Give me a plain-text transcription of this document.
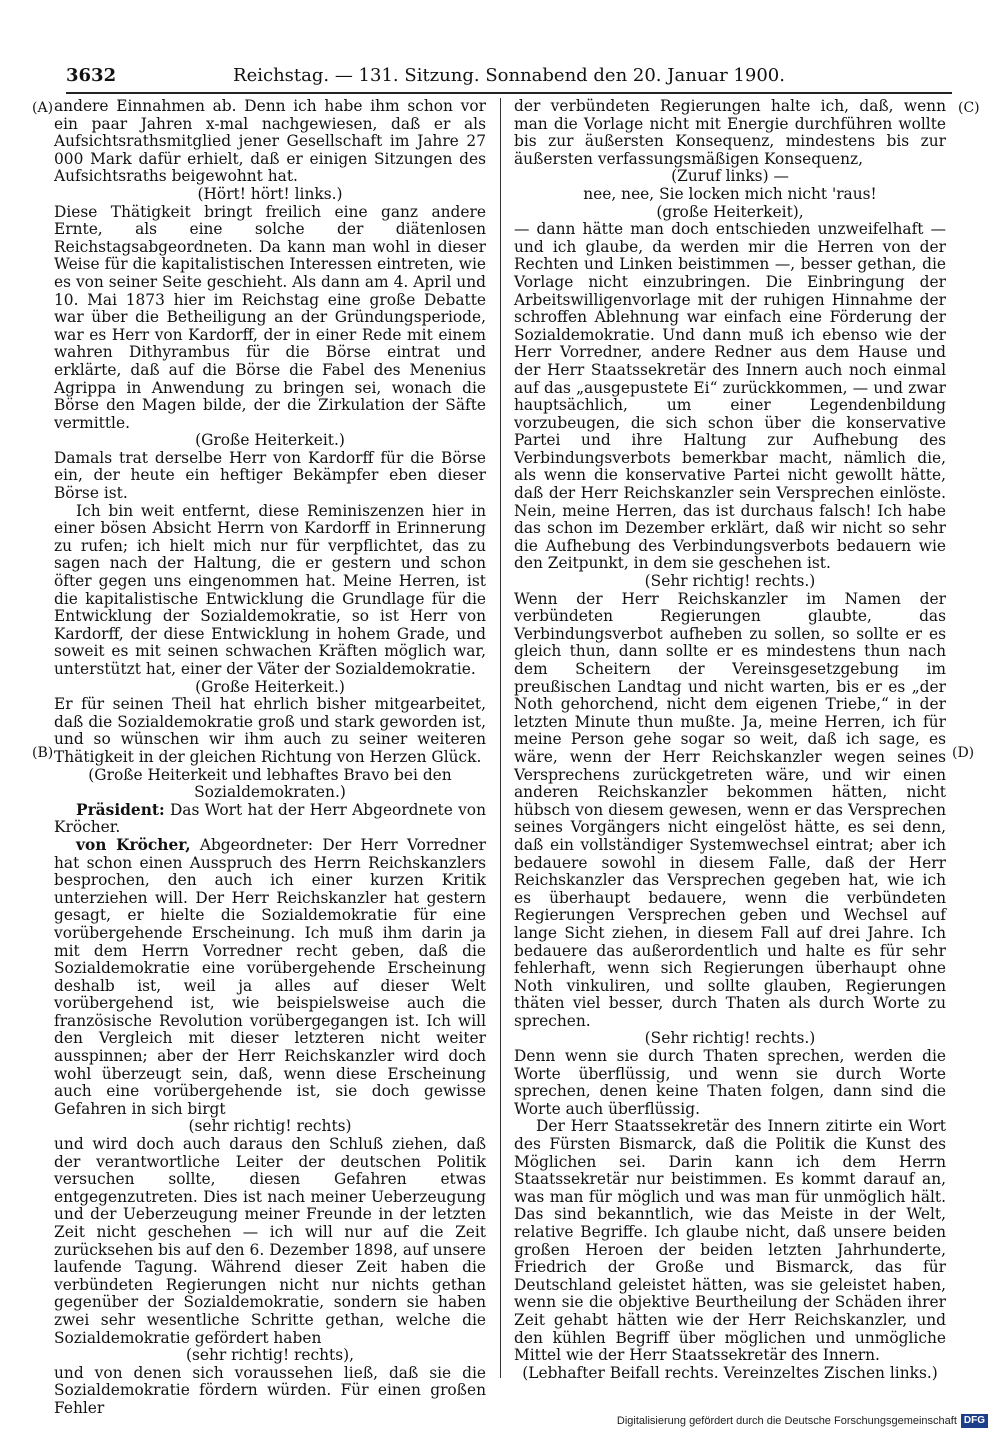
3632	Reichstag. — 131. Sitzung. Sonnabend den 20. Januar 1900.
(A)
(B)
(C)
(D)

andere Einnahmen ab. Denn ich habe ihm schon vor ein paar Jahren x-mal nachgewiesen, daß er als Aufsichtsrathsmitglied jener Gesellschaft im Jahre 27 000 Mark dafür erhielt, daß er einigen Sitzungen des Aufsichtsraths beigewohnt hat.

(Hört! hört! links.)

Diese Thätigkeit bringt freilich eine ganz andere Ernte, als eine solche der diätenlosen Reichstagsabgeordneten. Da kann man wohl in dieser Weise für die kapitalistischen Interessen eintreten, wie es von seiner Seite geschieht. Als dann am 4. April und 10. Mai 1873 hier im Reichstag eine große Debatte war über die Betheiligung an der Gründungsperiode, war es Herr von Kardorff, der in einer Rede mit einem wahren Dithyrambus für die Börse eintrat und erklärte, daß auf die Börse die Fabel des Menenius Agrippa in Anwendung zu bringen sei, wonach die Börse den Magen bilde, der die Zirkulation der Säfte vermittle.

(Große Heiterkeit.)

Damals trat derselbe Herr von Kardorff für die Börse ein, der heute ein heftiger Bekämpfer eben dieser Börse ist.

Ich bin weit entfernt, diese Reminiszenzen hier in einer bösen Absicht Herrn von Kardorff in Erinnerung zu rufen; ich hielt mich nur für verpflichtet, das zu sagen nach der Haltung, die er gestern und schon öfter gegen uns eingenommen hat. Meine Herren, ist die kapitalistische Entwicklung die Grundlage für die Entwicklung der Sozialdemokratie, so ist Herr von Kardorff, der diese Entwicklung in hohem Grade, und soweit es mit seinen schwachen Kräften möglich war, unterstützt hat, einer der Väter der Sozialdemokratie.

(Große Heiterkeit.)

Er für seinen Theil hat ehrlich bisher mitgearbeitet, daß die Sozialdemokratie groß und stark geworden ist, und so wünschen wir ihm auch zu seiner weiteren Thätigkeit in der gleichen Richtung von Herzen Glück.

(Große Heiterkeit und lebhaftes Bravo bei den Sozialdemokraten.)

Präsident: Das Wort hat der Herr Abgeordnete von Kröcher.

von Kröcher, Abgeordneter: Der Herr Vorredner hat schon einen Ausspruch des Herrn Reichskanzlers besprochen, den auch ich einer kurzen Kritik unterziehen will. Der Herr Reichskanzler hat gestern gesagt, er hielte die Sozialdemokratie für eine vorübergehende Erscheinung. Ich muß ihm darin ja mit dem Herrn Vorredner recht geben, daß die Sozialdemokratie eine vorübergehende Erscheinung deshalb ist, weil ja alles auf dieser Welt vorübergehend ist, wie beispielsweise auch die französische Revolution vorübergegangen ist. Ich will den Vergleich mit dieser letzteren nicht weiter ausspinnen; aber der Herr Reichskanzler wird doch wohl überzeugt sein, daß, wenn diese Erscheinung auch eine vorübergehende ist, sie doch gewisse Gefahren in sich birgt

(sehr richtig! rechts)

und wird doch auch daraus den Schluß ziehen, daß der verantwortliche Leiter der deutschen Politik versuchen sollte, diesen Gefahren etwas entgegenzutreten. Dies ist nach meiner Ueberzeugung und der Ueberzeugung meiner Freunde in der letzten Zeit nicht geschehen — ich will nur auf die Zeit zurücksehen bis auf den 6. Dezember 1898, auf unsere laufende Tagung. Während dieser Zeit haben die verbündeten Regierungen nicht nur nichts gethan gegenüber der Sozialdemokratie, sondern sie haben zwei sehr wesentliche Schritte gethan, welche die Sozialdemokratie gefördert haben

(sehr richtig! rechts),

und von denen sich voraussehen ließ, daß sie die Sozialdemokratie fördern würden. Für einen großen Fehler

der verbündeten Regierungen halte ich, daß, wenn man die Vorlage nicht mit Energie durchführen wollte bis zur äußersten Konsequenz, mindestens bis zur äußersten verfassungsmäßigen Konsequenz,

(Zuruf links) —

nee, nee, Sie locken mich nicht 'raus!

(große Heiterkeit),

— dann hätte man doch entschieden unzweifelhaft — und ich glaube, da werden mir die Herren von der Rechten und Linken beistimmen —, besser gethan, die Vorlage nicht einzubringen. Die Einbringung der Arbeitswilligenvorlage mit der ruhigen Hinnahme der schroffen Ablehnung war einfach eine Förderung der Sozialdemokratie. Und dann muß ich ebenso wie der Herr Vorredner, andere Redner aus dem Hause und der Herr Staatssekretär des Innern auch noch einmal auf das „ausgepustete Ei“ zurückkommen, — und zwar hauptsächlich, um einer Legendenbildung vorzubeugen, die sich schon über die konservative Partei und ihre Haltung zur Aufhebung des Verbindungsverbots bemerkbar macht, nämlich die, als wenn die konservative Partei nicht gewollt hätte, daß der Herr Reichskanzler sein Versprechen einlöste. Nein, meine Herren, das ist durchaus falsch! Ich habe das schon im Dezember erklärt, daß wir nicht so sehr die Aufhebung des Verbindungsverbots bedauern wie den Zeitpunkt, in dem sie geschehen ist.

(Sehr richtig! rechts.)

Wenn der Herr Reichskanzler im Namen der verbündeten Regierungen glaubte, das Verbindungsverbot aufheben zu sollen, so sollte er es gleich thun, dann sollte er es mindestens thun nach dem Scheitern der Vereinsgesetzgebung im preußischen Landtag und nicht warten, bis er es „der Noth gehorchend, nicht dem eigenen Triebe,“ in der letzten Minute thun mußte. Ja, meine Herren, ich für meine Person gehe sogar so weit, daß ich sage, es wäre, wenn der Herr Reichskanzler wegen seines Versprechens zurückgetreten wäre, und wir einen anderen Reichskanzler bekommen hätten, nicht hübsch von diesem gewesen, wenn er das Versprechen seines Vorgängers nicht eingelöst hätte, es sei denn, daß ein vollständiger Systemwechsel eintrat; aber ich bedauere sowohl in diesem Falle, daß der Herr Reichskanzler das Versprechen gegeben hat, wie ich es überhaupt bedauere, wenn die verbündeten Regierungen Versprechen geben und Wechsel auf lange Sicht ziehen, in diesem Fall auf drei Jahre. Ich bedauere das außerordentlich und halte es für sehr fehlerhaft, wenn sich Regierungen überhaupt ohne Noth vinkuliren, und sollte glauben, Regierungen thäten viel besser, durch Thaten als durch Worte zu sprechen.

(Sehr richtig! rechts.)

Denn wenn sie durch Thaten sprechen, werden die Worte überflüssig, und wenn sie durch Worte sprechen, denen keine Thaten folgen, dann sind die Worte auch überflüssig.

Der Herr Staatssekretär des Innern zitirte ein Wort des Fürsten Bismarck, daß die Politik die Kunst des Möglichen sei. Darin kann ich dem Herrn Staatssekretär nur beistimmen. Es kommt darauf an, was man für möglich und was man für unmöglich hält. Das sind bekanntlich, wie das Meiste in der Welt, relative Begriffe. Ich glaube nicht, daß unsere beiden großen Heroen der beiden letzten Jahrhunderte, Friedrich der Große und Bismarck, das für Deutschland geleistet hätten, was sie geleistet haben, wenn sie die objektive Beurtheilung der Schäden ihrer Zeit gehabt hätten wie der Herr Reichskanzler, und den kühlen Begriff über möglichen und unmögliche Mittel wie der Herr Staatssekretär des Innern.

(Lebhafter Beifall rechts. Vereinzeltes Zischen links.)

Digitalisierung gefördert durch die Deutsche Forschungsgemeinschaft DFG
